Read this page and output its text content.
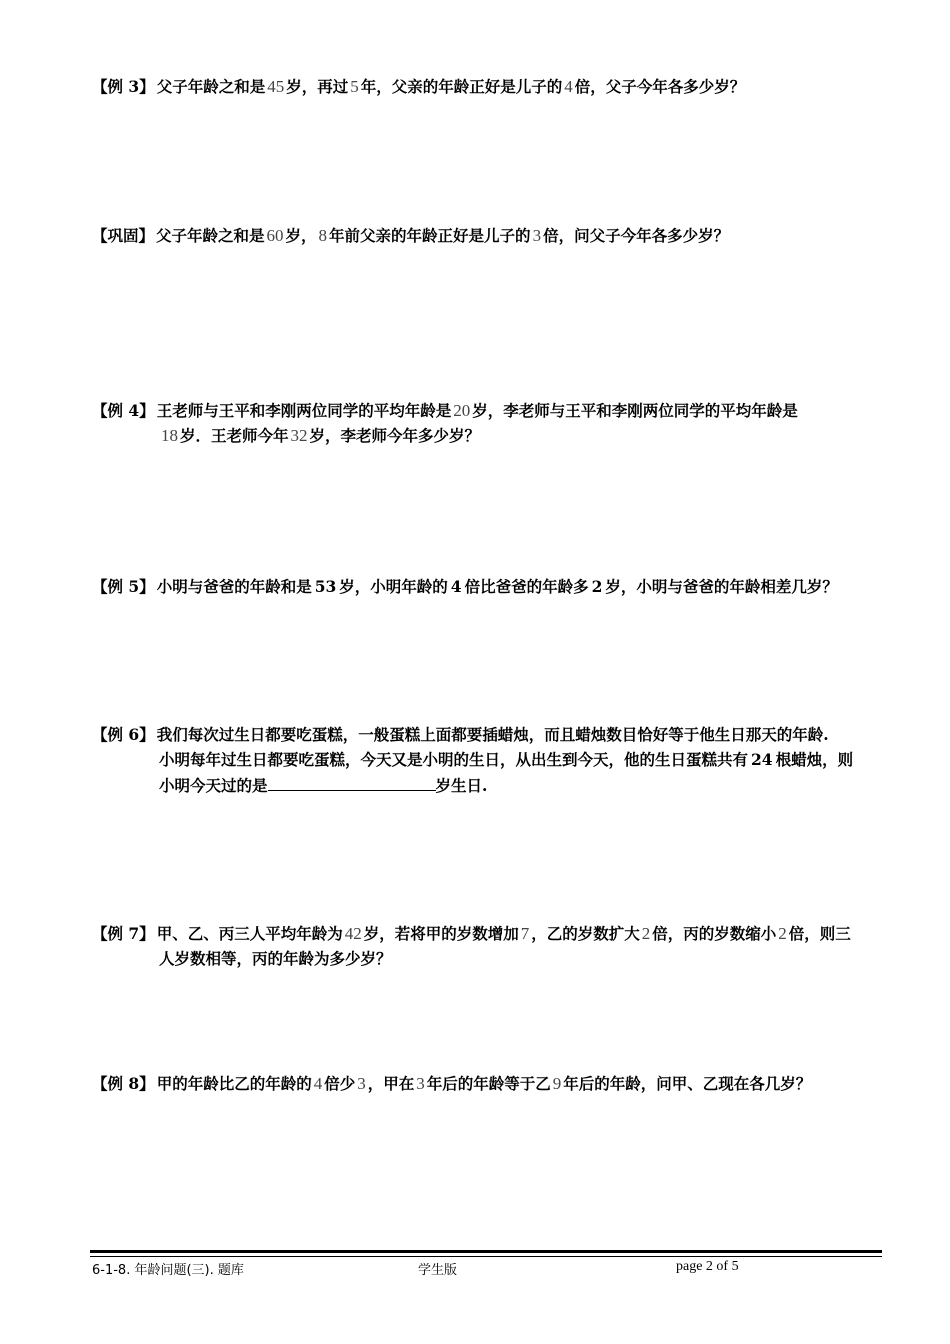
【例 3】 父子年龄之和是 45 岁，再过 5 年，父亲的年龄正好是儿子的 4 倍，父子今年各多少岁？
【巩固】 父子年龄之和是 60 岁， 8 年前父亲的年龄正好是儿子的 3 倍，问父子今年各多少岁？
【例 4】 王老师与王平和李刚两位同学的平均年龄是 20 岁，李老师与王平和李刚两位同学的平均年龄是
18 岁．王老师今年 32 岁，李老师今年多少岁？
【例 5】 小明与爸爸的年龄和是 53 岁，小明年龄的 4 倍比爸爸的年龄多 2 岁，小明与爸爸的年龄相差几岁？
【例 6】 我们每次过生日都要吃蛋糕，一般蛋糕上面都要插蜡烛，而且蜡烛数目恰好等于他生日那天的年龄.
小明每年过生日都要吃蛋糕，今天又是小明的生日，从出生到今天，他的生日蛋糕共有 24 根蜡烛，则
小明今天过的是	岁生日.
【例 7】 甲、乙、丙三人平均年龄为 42 岁，若将甲的岁数增加 7 ，乙的岁数扩大 2 倍，丙的岁数缩小 2 倍，则三
人岁数相等，丙的年龄为多少岁？
【例 8】 甲的年龄比乙的年龄的 4 倍少 3 ，甲在 3 年后的年龄等于乙 9 年后的年龄，问甲、乙现在各几岁？
6-1-8. 年龄问题(三). 题库	学生版	page 2 of 5
